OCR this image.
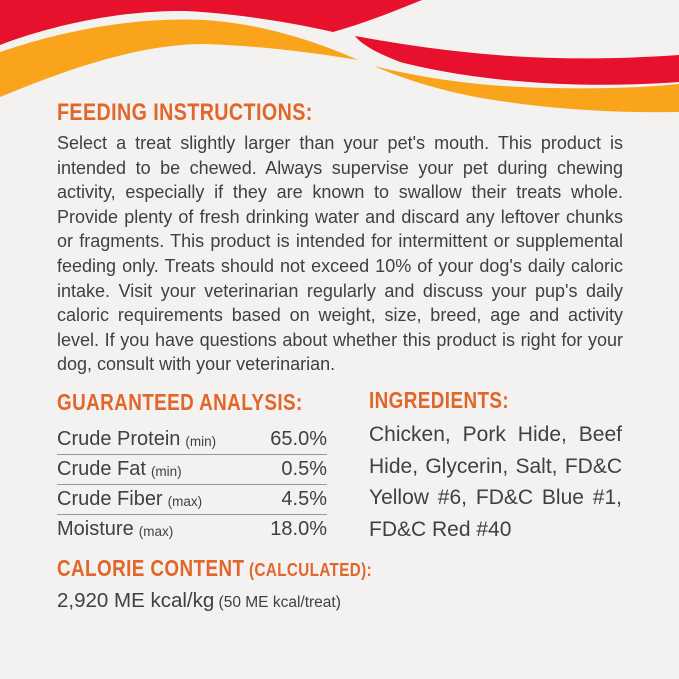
FEEDING INSTRUCTIONS:

Select a treat slightly larger than your pet's mouth. This product is intended to be chewed. Always supervise your pet during chewing activity, especially if they are known to swallow their treats whole. Provide plenty of fresh drinking water and discard any leftover chunks or fragments. This product is intended for intermittent or supplemental feeding only. Treats should not exceed 10% of your dog's daily caloric intake. Visit your veterinarian regularly and discuss your pup's daily caloric requirements based on weight, size, breed, age and activity level. If you have questions about whether this product is right for your dog, consult with your veterinarian.

GUARANTEED ANALYSIS:
Crude Protein (min)	65.0%
Crude Fat (min)	0.5%
Crude Fiber (max)	4.5%
Moisture (max)	18.0%
CALORIE CONTENT (CALCULATED):

2,920 ME kcal/kg (50 ME kcal/treat)

INGREDIENTS:

Chicken, Pork Hide, Beef Hide, Glycerin, Salt, FD&C Yellow #6, FD&C Blue #1, FD&C Red #40
